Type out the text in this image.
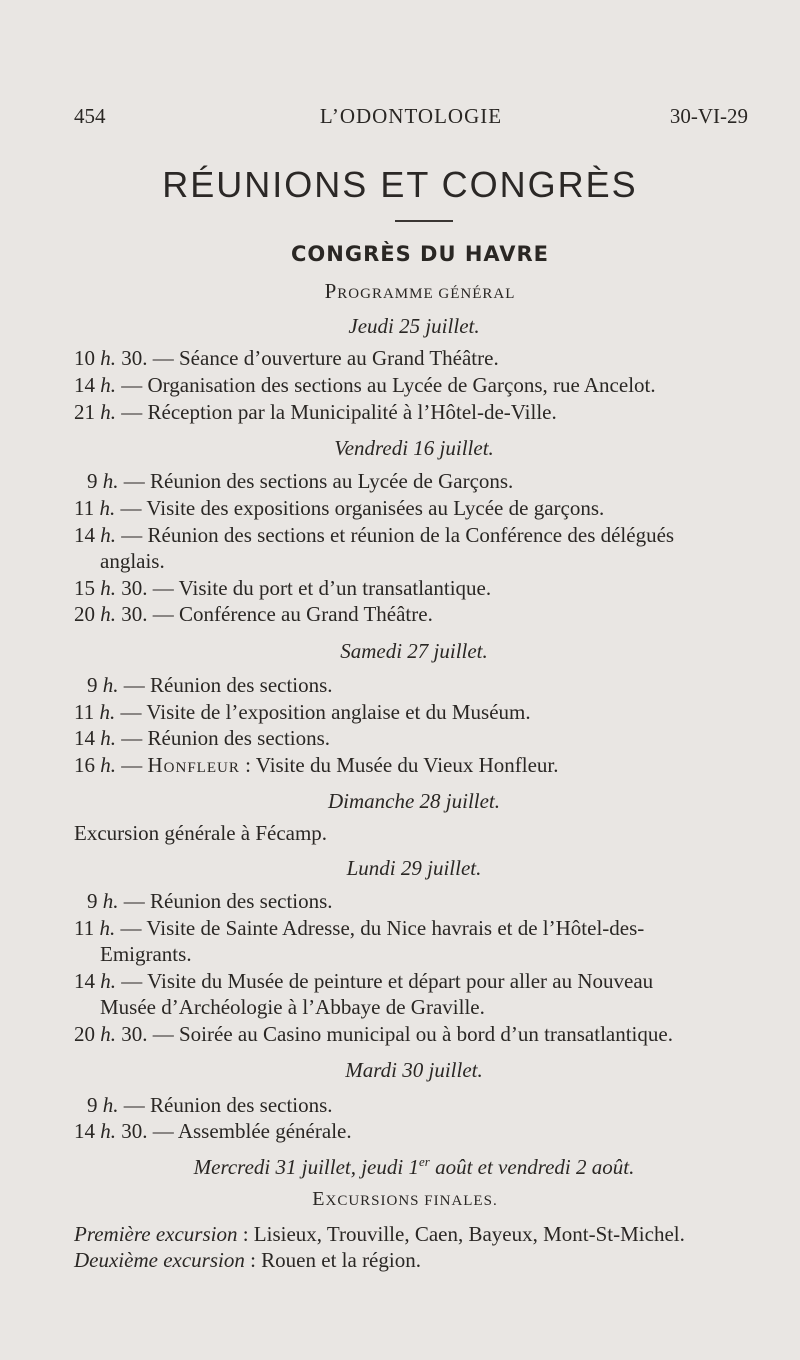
454	L’ODONTOLOGIE	30-VI-29
RÉUNIONS ET CONGRÈS
CONGRÈS DU HAVRE
PROGRAMME GÉNÉRAL
Jeudi 25 juillet.
10 h. 30. — Séance d’ouverture au Grand Théâtre.
14 h. — Organisation des sections au Lycée de Garçons, rue Ancelot.
21 h. — Réception par la Municipalité à l’Hôtel-de-Ville.
Vendredi 16 juillet.
9 h. — Réunion des sections au Lycée de Garçons.
11 h. — Visite des expositions organisées au Lycée de garçons.
14 h. — Réunion des sections et réunion de la Conférence des délégués
anglais.
15 h. 30. — Visite du port et d’un transatlantique.
20 h. 30. — Conférence au Grand Théâtre.
Samedi 27 juillet.
9 h. — Réunion des sections.
11 h. — Visite de l’exposition anglaise et du Muséum.
14 h. — Réunion des sections.
16 h. — Honfleur : Visite du Musée du Vieux Honfleur.
Dimanche 28 juillet.
Excursion générale à Fécamp.
Lundi 29 juillet.
9 h. — Réunion des sections.
11 h. — Visite de Sainte Adresse, du Nice havrais et de l’Hôtel-des-
Emigrants.
14 h. — Visite du Musée de peinture et départ pour aller au Nouveau
Musée d’Archéologie à l’Abbaye de Graville.
20 h. 30. — Soirée au Casino municipal ou à bord d’un transatlantique.
Mardi 30 juillet.
9 h. — Réunion des sections.
14 h. 30. — Assemblée générale.
Mercredi 31 juillet, jeudi 1er août et vendredi 2 août.
EXCURSIONS FINALES.
Première excursion : Lisieux, Trouville, Caen, Bayeux, Mont-St-Michel.
Deuxième excursion : Rouen et la région.
